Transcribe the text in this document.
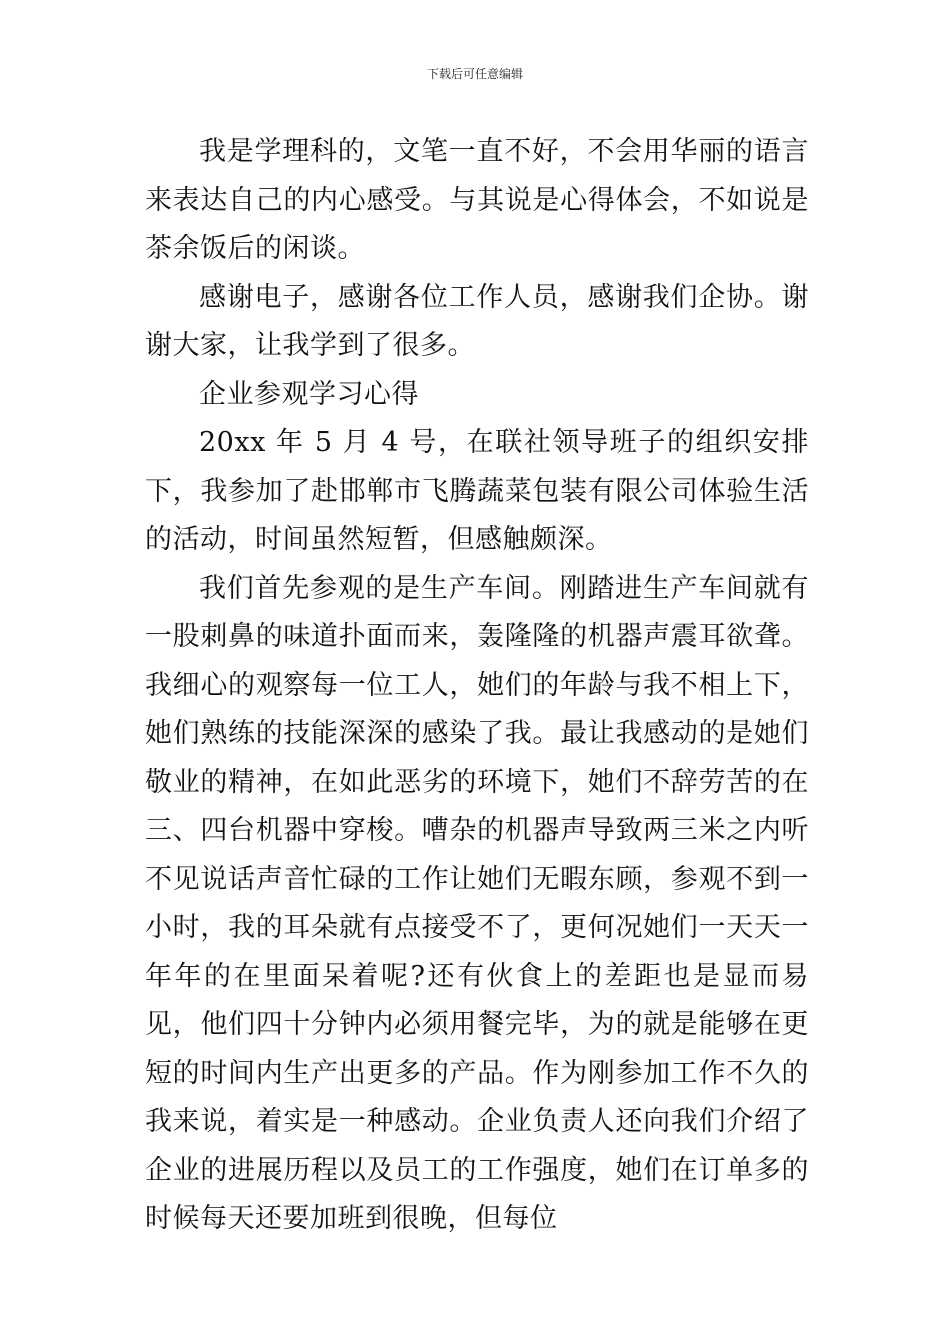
下载后可任意编辑

我是学理科的，文笔一直不好，不会用华丽的语言来表达自己的内心感受。与其说是心得体会，不如说是茶余饭后的闲谈。

感谢电子，感谢各位工作人员，感谢我们企协。谢谢大家，让我学到了很多。

企业参观学习心得

20xx 年 5 月 4 号，在联社领导班子的组织安排下，我参加了赴邯郸市飞腾蔬菜包装有限公司体验生活的活动，时间虽然短暂，但感触颇深。

我们首先参观的是生产车间。刚踏进生产车间就有一股刺鼻的味道扑面而来，轰隆隆的机器声震耳欲聋。我细心的观察每一位工人，她们的年龄与我不相上下，她们熟练的技能深深的感染了我。最让我感动的是她们敬业的精神，在如此恶劣的环境下，她们不辞劳苦的在三、四台机器中穿梭。嘈杂的机器声导致两三米之内听不见说话声音忙碌的工作让她们无暇东顾，参观不到一小时，我的耳朵就有点接受不了，更何况她们一天天一年年的在里面呆着呢?还有伙食上的差距也是显而易见，他们四十分钟内必须用餐完毕，为的就是能够在更短的时间内生产出更多的产品。作为刚参加工作不久的我来说，着实是一种感动。企业负责人还向我们介绍了企业的进展历程以及员工的工作强度，她们在订单多的时候每天还要加班到很晚，但每位
